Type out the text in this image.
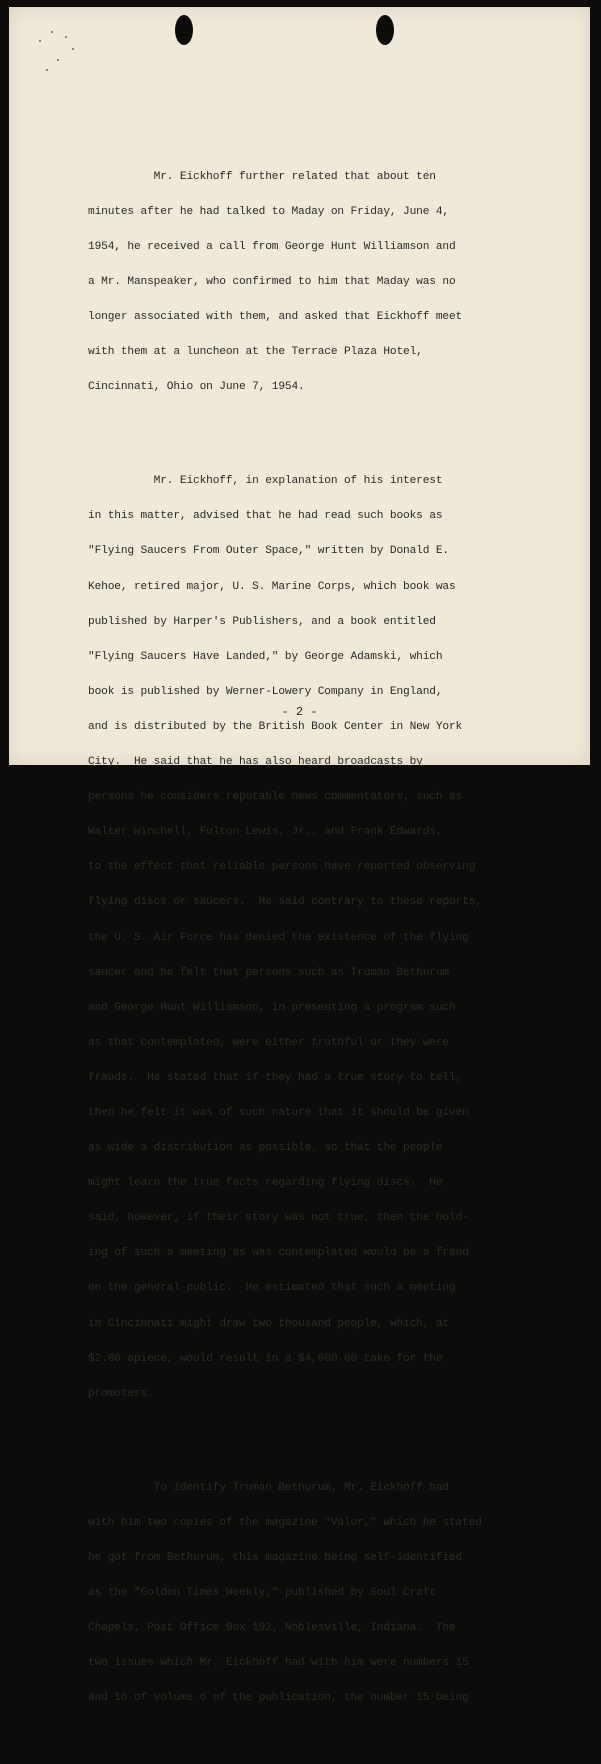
Mr. Eickhoff further related that about ten

minutes after he had talked to Maday on Friday, June 4,

1954, he received a call from George Hunt Williamson and

a Mr. Manspeaker, who confirmed to him that Maday was no

longer associated with them, and asked that Eickhoff meet

with them at a luncheon at the Terrace Plaza Hotel,

Cincinnati, Ohio on June 7, 1954.

Mr. Eickhoff, in explanation of his interest

in this matter, advised that he had read such books as

"Flying Saucers From Outer Space," written by Donald E.

Kehoe, retired major, U. S. Marine Corps, which book was

published by Harper's Publishers, and a book entitled

"Flying Saucers Have Landed," by George Adamski, which

book is published by Werner-Lowery Company in England,

and is distributed by the British Book Center in New York

City.  He said that he has also heard broadcasts by

persons he considers reputable news commentators, such as

Walter Winchell, Fulton Lewis, Jr., and Frank Edwards,

to the effect that reliable persons have reported observing

flying discs or saucers.  He said contrary to these reports,

the U. S. Air Force has denied the existence of the flying

saucer and he felt that persons such as Truman Bethurum

and George Hunt Williamson, in presenting a program such

as that contemplated, were either truthful or they were

frauds.  He stated that if they had a true story to tell,

then he felt it was of such nature that it should be given

as wide a distribution as possible, so that the people

might learn the true facts regarding flying discs.  He

said, however, if their story was not true, then the hold-

ing of such a meeting as was contemplated would be a fraud

on the general public.  He estimated that such a meeting

in Cincinnati might draw two thousand people, which, at

$2.00 apiece, would result in a $4,000.00 take for the

promoters.

To identify Truman Bethurum, Mr. Eickhoff had

with him two copies of the magazine "Valor," which he stated

he got from Bethurum, this magazine being self-identified

as the "Golden Times Weekly," published by Soul Craft

Chapels, Post Office Box 192, Noblesville, Indiana.  The

two issues which Mr. Eickhoff had with him were numbers 15

and 16 of volume 6 of the publication, the number 15 being

- 2 -
